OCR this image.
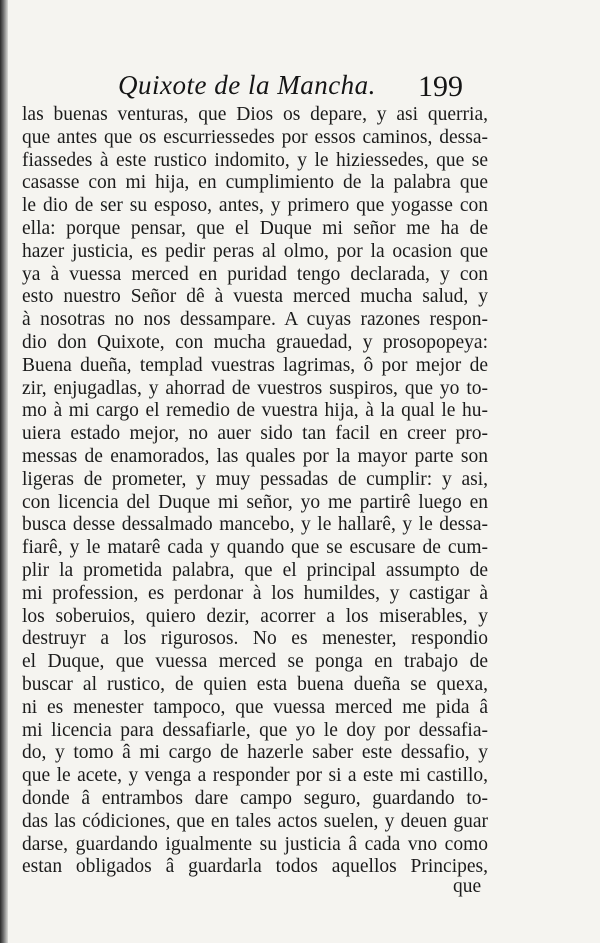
Quixote de la Mancha. 199
las buenas venturas, que Dios os depare, y asi querria,
que antes que os escurriessedes por essos caminos, dessa-
fiassedes à este rustico indomito, y le hiziessedes, que se
casasse con mi hija, en cumplimiento de la palabra que
le dio de ser su esposo, antes, y primero que yogasse con
ella: porque pensar, que el Duque mi señor me ha de
hazer justicia, es pedir peras al olmo, por la ocasion que
ya à vuessa merced en puridad tengo declarada, y con
esto nuestro Señor dê à vuesta merced mucha salud, y
à nosotras no nos dessampare. A cuyas razones respon-
dio don Quixote, con mucha grauedad, y prosopopeya:
Buena dueña, templad vuestras lagrimas, ô por mejor de
zir, enjugadlas, y ahorrad de vuestros suspiros, que yo to-
mo à mi cargo el remedio de vuestra hija, à la qual le hu-
uiera estado mejor, no auer sido tan facil en creer pro-
messas de enamorados, las quales por la mayor parte son
ligeras de prometer, y muy pessadas de cumplir: y asi,
con licencia del Duque mi señor, yo me partirê luego en
busca desse dessalmado mancebo, y le hallarê, y le dessa-
fiarê, y le matarê cada y quando que se escusare de cum-
plir la prometida palabra, que el principal assumpto de
mi profession, es perdonar à los humildes, y castigar à
los soberuios, quiero dezir, acorrer a los miserables, y
destruyr a los rigurosos. No es menester, respondio
el Duque, que vuessa merced se ponga en trabajo de
buscar al rustico, de quien esta buena dueña se quexa,
ni es menester tampoco, que vuessa merced me pida â
mi licencia para dessafiarle, que yo le doy por dessafia-
do, y tomo â mi cargo de hazerle saber este dessafio, y
que le acete, y venga a responder por si a este mi castillo,
donde â entrambos dare campo seguro, guardando to-
das las códiciones, que en tales actos suelen, y deuen guar
darse, guardando igualmente su justicia â cada vno como
estan obligados â guardarla todos aquellos Principes,
que
